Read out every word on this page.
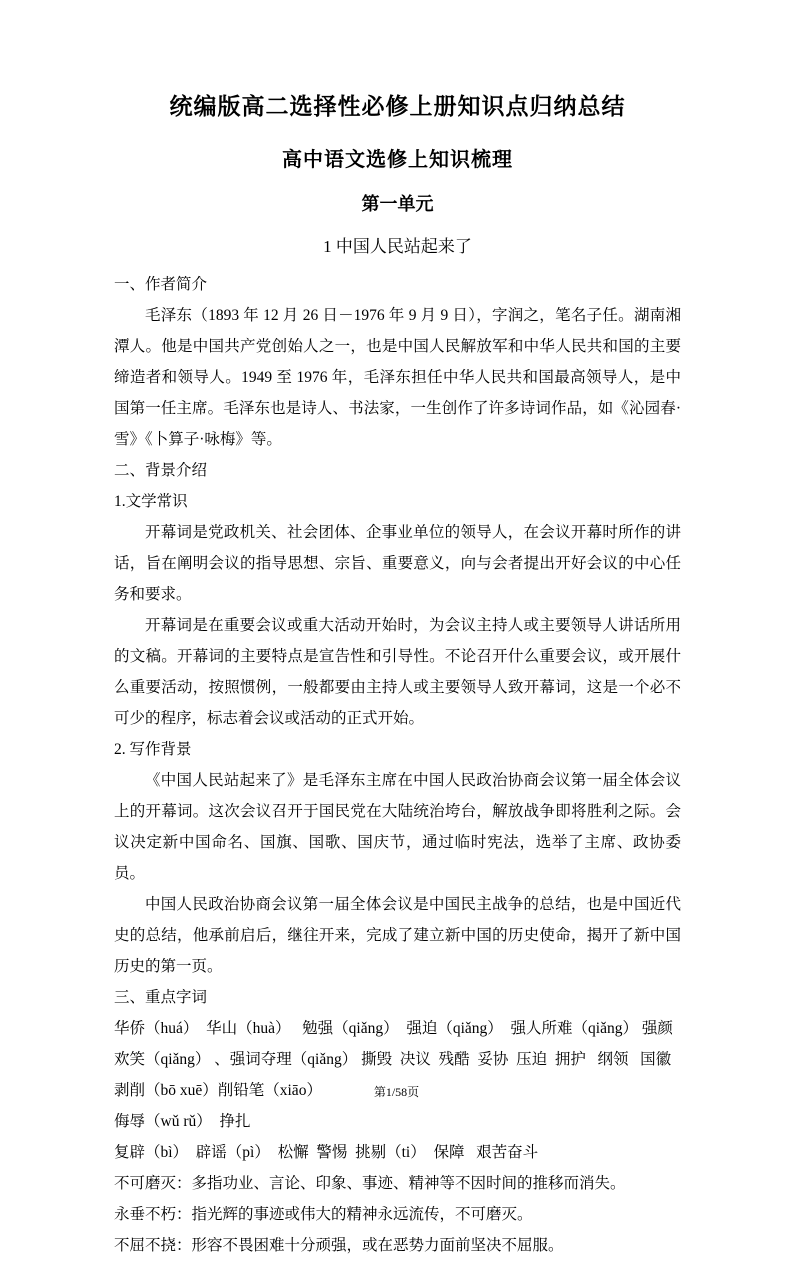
统编版高二选择性必修上册知识点归纳总结
高中语文选修上知识梳理
第一单元
1 中国人民站起来了

一、作者简介

毛泽东（1893 年 12 月 26 日－1976 年 9 月 9 日），字润之，笔名子任。湖南湘潭人。他是中国共产党创始人之一，也是中国人民解放军和中华人民共和国的主要缔造者和领导人。1949 至 1976 年，毛泽东担任中华人民共和国最高领导人，是中国第一任主席。毛泽东也是诗人、书法家，一生创作了许多诗词作品，如《沁园春·雪》《卜算子·咏梅》等。

二、背景介绍

1.文学常识

开幕词是党政机关、社会团体、企事业单位的领导人，在会议开幕时所作的讲话，旨在阐明会议的指导思想、宗旨、重要意义，向与会者提出开好会议的中心任务和要求。

开幕词是在重要会议或重大活动开始时，为会议主持人或主要领导人讲话所用的文稿。开幕词的主要特点是宣告性和引导性。不论召开什么重要会议，或开展什么重要活动，按照惯例，一般都要由主持人或主要领导人致开幕词，这是一个必不可少的程序，标志着会议或活动的正式开始。

2. 写作背景

《中国人民站起来了》是毛泽东主席在中国人民政治协商会议第一届全体会议上的开幕词。这次会议召开于国民党在大陆统治垮台，解放战争即将胜利之际。会议决定新中国命名、国旗、国歌、国庆节，通过临时宪法，选举了主席、政协委员。

中国人民政治协商会议第一届全体会议是中国民主战争的总结，也是中国近代史的总结，他承前启后，继往开来，完成了建立新中国的历史使命，揭开了新中国历史的第一页。

三、重点字词

华侨（huá）  华山（huà）   勉强（qiǎng）  强迫（qiǎng）  强人所难（qiǎng） 强颜欢笑（qiǎng） 、强词夺理（qiǎng） 撕毁  决议  残酷  妥协  压迫  拥护   纲领   国徽   剥削（bō xuē）削铅笔（xiāo）

侮辱（wǔ rǔ）  挣扎

复辟（bì）  辟谣（pì）  松懈  警惕  挑剔（ti）  保障   艰苦奋斗

不可磨灭：多指功业、言论、印象、事迹、精神等不因时间的推移而消失。

永垂不朽：指光辉的事迹或伟大的精神永远流传，不可磨灭。

不屈不挠：形容不畏困难十分顽强，或在恶势力面前坚决不屈服。

第1/58页
